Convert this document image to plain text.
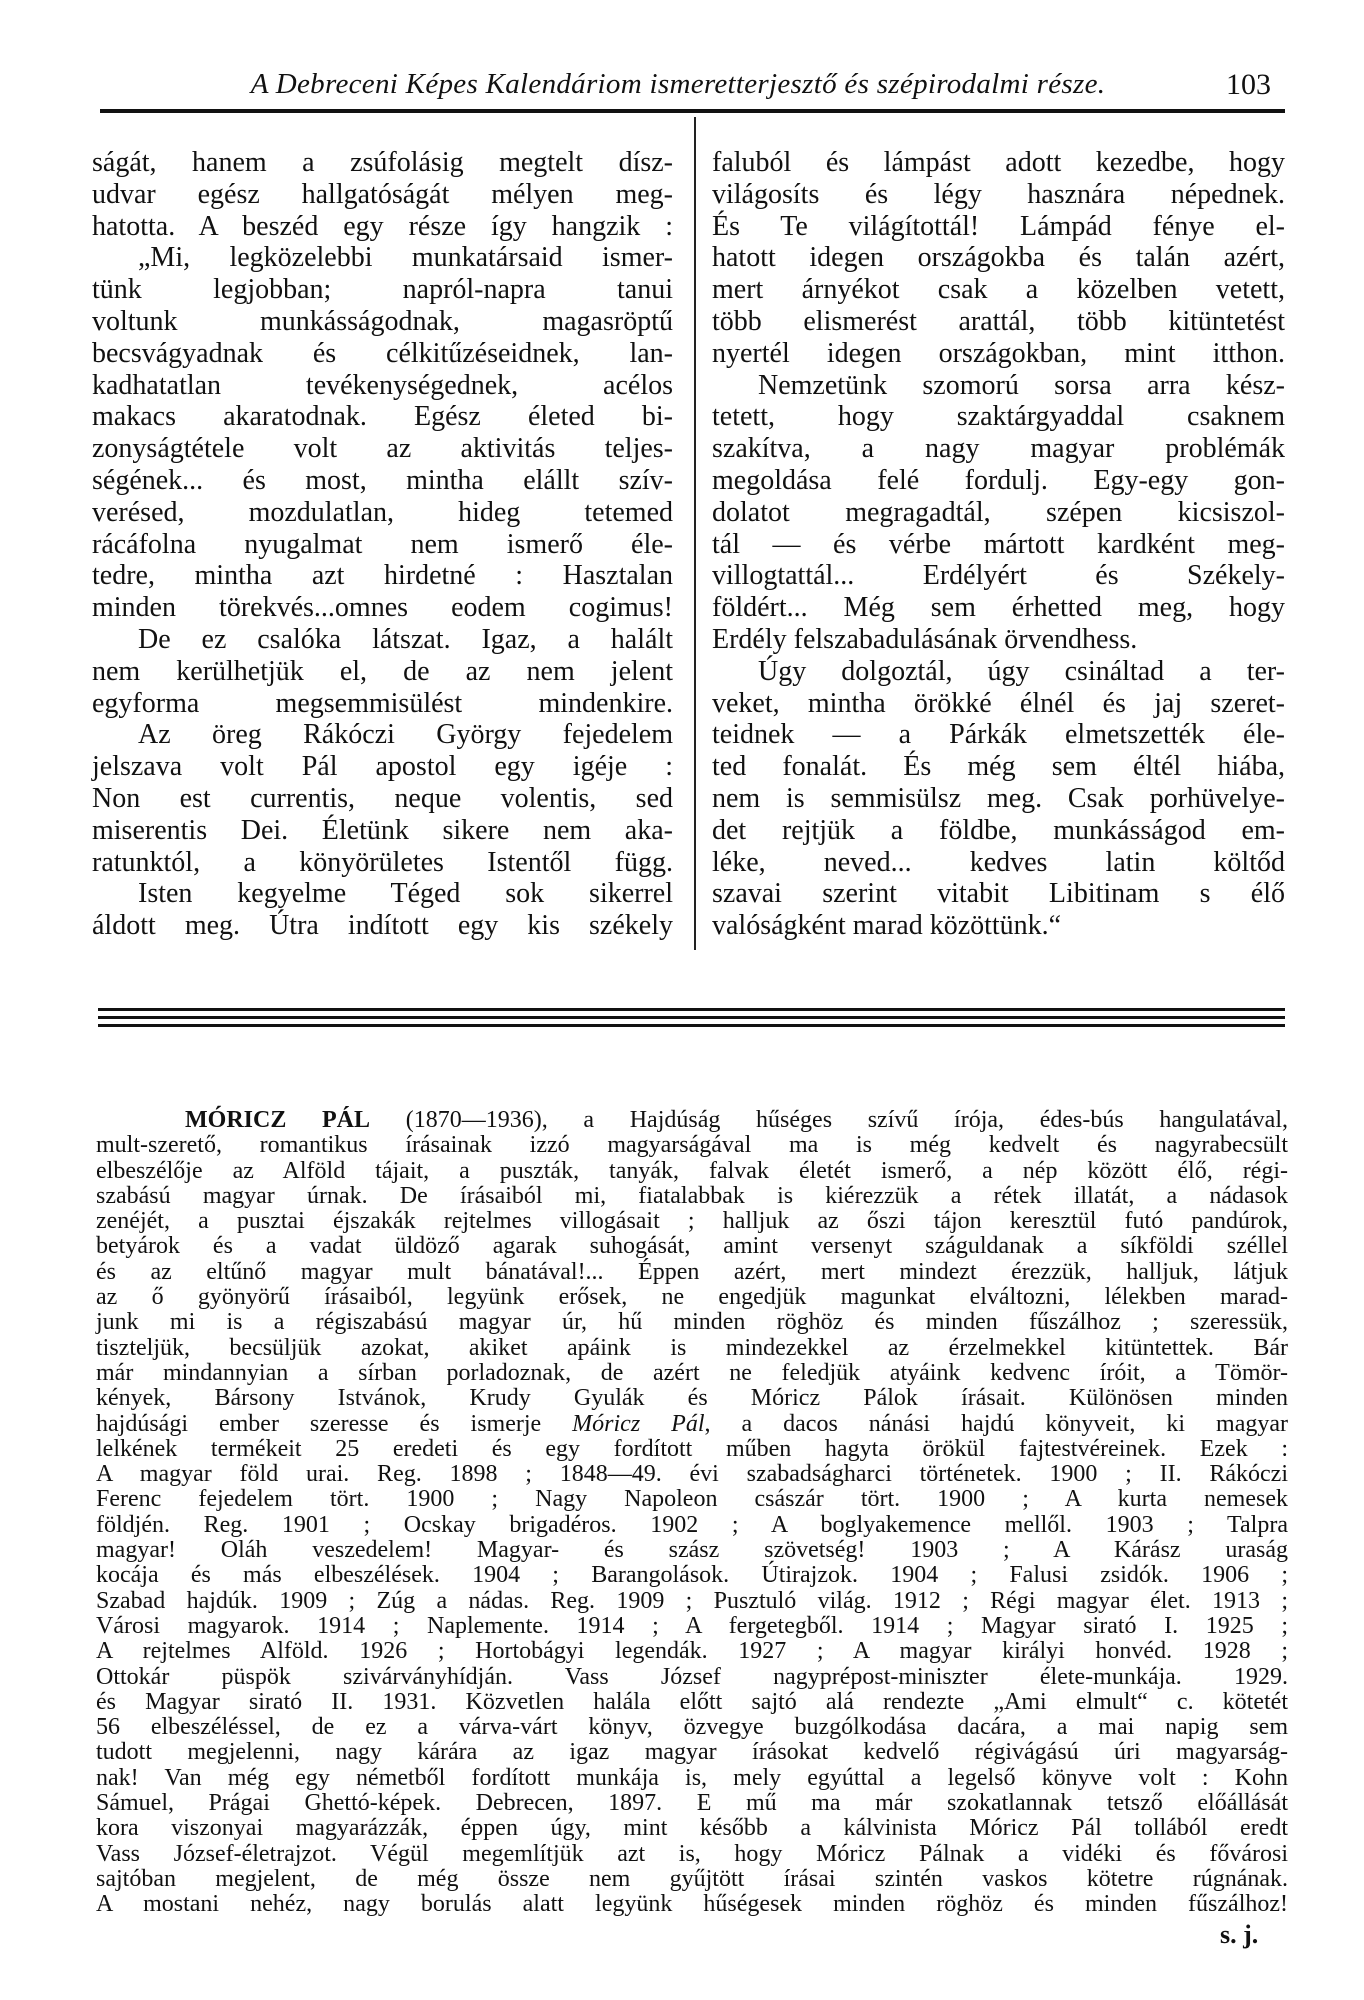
A Debreceni Képes Kalendáriom ismeretterjesztő és szépirodalmi része.	103
ságát, hanem a zsúfolásig megtelt dísz-
udvar egész hallgatóságát mélyen meg-
hatotta. A beszéd egy része így hangzik :
„Mi, legközelebbi munkatársaid ismer-
tünk legjobban; napról-napra tanui
voltunk munkásságodnak, magasröptű
becsvágyadnak és célkitűzéseidnek, lan-
kadhatatlan tevékenységednek, acélos
makacs akaratodnak. Egész életed bi-
zonyságtétele volt az aktivitás teljes-
ségének... és most, mintha elállt szív-
verésed, mozdulatlan, hideg tetemed
rácáfolna nyugalmat nem ismerő éle-
tedre, mintha azt hirdetné : Hasztalan
minden törekvés...omnes eodem cogimus!
De ez csalóka látszat. Igaz, a halált
nem kerülhetjük el, de az nem jelent
egyforma megsemmisülést mindenkire.
Az öreg Rákóczi György fejedelem
jelszava volt Pál apostol egy igéje :
Non est currentis, neque volentis, sed
miserentis Dei. Életünk sikere nem aka-
ratunktól, a könyörületes Istentől függ.
Isten kegyelme Téged sok sikerrel
áldott meg. Útra indított egy kis székely
faluból és lámpást adott kezedbe, hogy
világosíts és légy hasznára népednek.
És Te világítottál! Lámpád fénye el-
hatott idegen országokba és talán azért,
mert árnyékot csak a közelben vetett,
több elismerést arattál, több kitüntetést
nyertél idegen országokban, mint itthon.
Nemzetünk szomorú sorsa arra kész-
tetett, hogy szaktárgyaddal csaknem
szakítva, a nagy magyar problémák
megoldása felé fordulj. Egy-egy gon-
dolatot megragadtál, szépen kicsiszol-
tál — és vérbe mártott kardként meg-
villogtattál... Erdélyért és Székely-
földért... Még sem érhetted meg, hogy
Erdély felszabadulásának örvendhess.
Úgy dolgoztál, úgy csináltad a ter-
veket, mintha örökké élnél és jaj szeret-
teidnek — a Párkák elmetszették éle-
ted fonalát. És még sem éltél hiába,
nem is semmisülsz meg. Csak porhüvelye-
det rejtjük a földbe, munkásságod em-
léke, neved... kedves latin költőd
szavai szerint vitabit Libitinam s élő
valóságként marad közöttünk.“
MÓRICZ PÁL (1870—1936), a Hajdúság hűséges szívű írója, édes-bús hangulatával,
mult-szerető, romantikus írásainak izzó magyarságával ma is még kedvelt és nagyrabecsült
elbeszélője az Alföld tájait, a puszták, tanyák, falvak életét ismerő, a nép között élő, régi-
szabású magyar úrnak. De írásaiból mi, fiatalabbak is kiérezzük a rétek illatát, a nádasok
zenéjét, a pusztai éjszakák rejtelmes villogásait ; halljuk az őszi tájon keresztül futó pandúrok,
betyárok és a vadat üldöző agarak suhogását, amint versenyt száguldanak a síkföldi széllel
és az eltűnő magyar mult bánatával!... Éppen azért, mert mindezt érezzük, halljuk, látjuk
az ő gyönyörű írásaiból, legyünk erősek, ne engedjük magunkat elváltozni, lélekben marad-
junk mi is a régiszabású magyar úr, hű minden röghöz és minden fűszálhoz ; szeressük,
tiszteljük, becsüljük azokat, akiket apáink is mindezekkel az érzelmekkel kitüntettek. Bár
már mindannyian a sírban porladoznak, de azért ne feledjük atyáink kedvenc íróit, a Tömör-
kények, Bársony Istvánok, Krudy Gyulák és Móricz Pálok írásait. Különösen minden
hajdúsági ember szeresse és ismerje Móricz Pál, a dacos nánási hajdú könyveit, ki magyar
lelkének termékeit 25 eredeti és egy fordított műben hagyta örökül fajtestvéreinek. Ezek :
A magyar föld urai. Reg. 1898 ; 1848—49. évi szabadságharci történetek. 1900 ; II. Rákóczi
Ferenc fejedelem tört. 1900 ; Nagy Napoleon császár tört. 1900 ; A kurta nemesek
földjén. Reg. 1901 ; Ocskay brigadéros. 1902 ; A boglyakemence mellől. 1903 ; Talpra
magyar! Oláh veszedelem! Magyar- és szász szövetség! 1903 ; A Kárász uraság
kocája és más elbeszélések. 1904 ; Barangolások. Útirajzok. 1904 ; Falusi zsidók. 1906 ;
Szabad hajdúk. 1909 ; Zúg a nádas. Reg. 1909 ; Pusztuló világ. 1912 ; Régi magyar élet. 1913 ;
Városi magyarok. 1914 ; Naplemente. 1914 ; A fergetegből. 1914 ; Magyar sirató I. 1925 ;
A rejtelmes Alföld. 1926 ; Hortobágyi legendák. 1927 ; A magyar királyi honvéd. 1928 ;
Ottokár püspök szivárványhídján. Vass József nagyprépost-miniszter élete-munkája. 1929.
és Magyar sirató II. 1931. Közvetlen halála előtt sajtó alá rendezte „Ami elmult“ c. kötetét
56 elbeszéléssel, de ez a várva-várt könyv, özvegye buzgólkodása dacára, a mai napig sem
tudott megjelenni, nagy kárára az igaz magyar írásokat kedvelő régivágású úri magyarság-
nak! Van még egy németből fordított munkája is, mely egyúttal a legelső könyve volt : Kohn
Sámuel, Prágai Ghettó-képek. Debrecen, 1897. E mű ma már szokatlannak tetsző előállását
kora viszonyai magyarázzák, éppen úgy, mint később a kálvinista Móricz Pál tollából eredt
Vass József-életrajzot. Végül megemlítjük azt is, hogy Móricz Pálnak a vidéki és fővárosi
sajtóban megjelent, de még össze nem gyűjtött írásai szintén vaskos kötetre rúgnának.
A mostani nehéz, nagy borulás alatt legyünk hűségesek minden röghöz és minden fűszálhoz!
s. j.
